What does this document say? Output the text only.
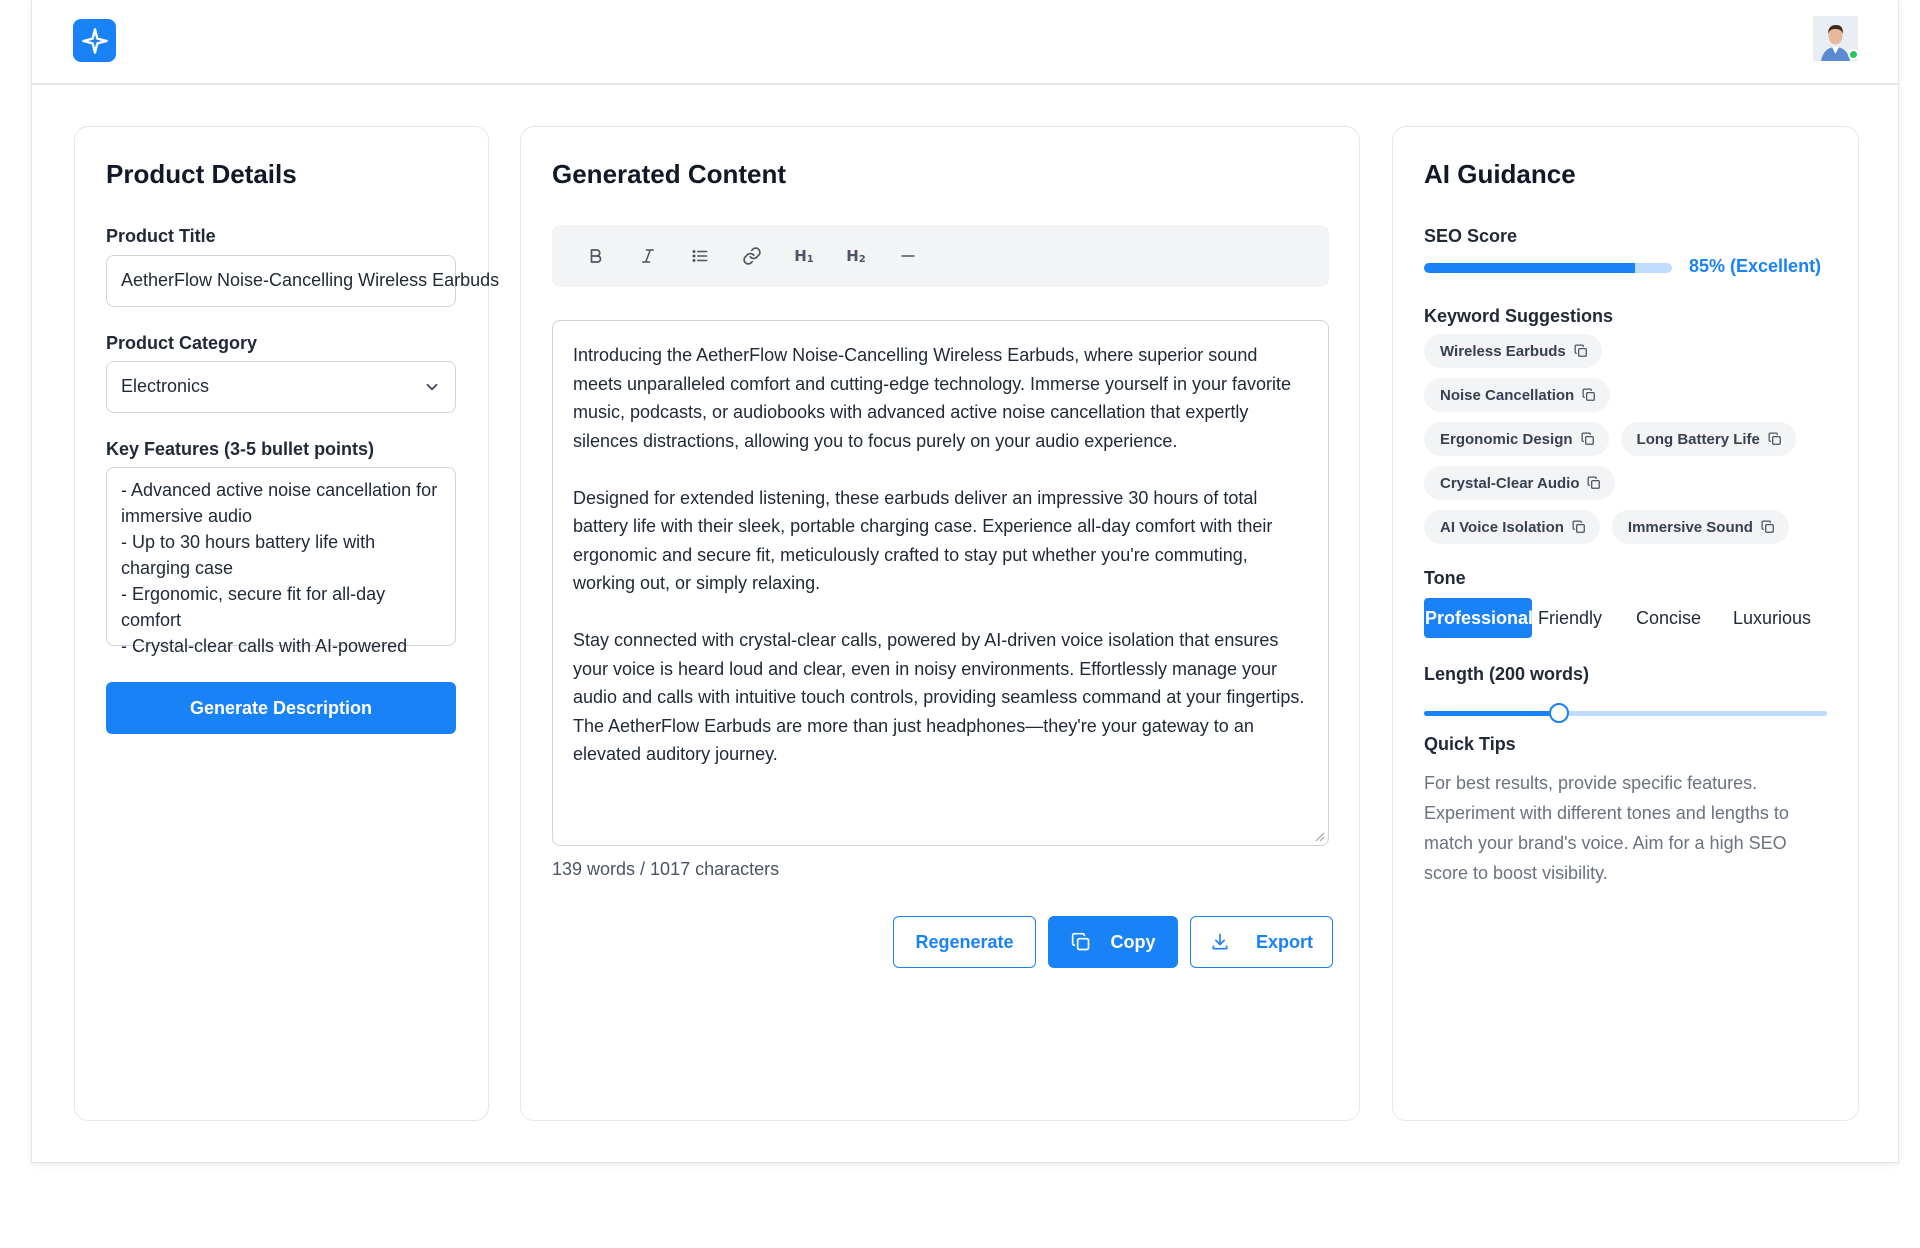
Product Details
Product Title
AetherFlow Noise-Cancelling Wireless Earbuds
Product Category
Electronics
Key Features (3-5 bullet points)
- Advanced active noise cancellation for immersive audio
- Up to 30 hours battery life with charging case
- Ergonomic, secure fit for all-day comfort
- Crystal-clear calls with AI-powered
Generate Description
Generated Content
$H_1$ $H_2$

Introducing the AetherFlow Noise-Cancelling Wireless Earbuds, where superior sound meets unparalleled comfort and cutting-edge technology. Immerse yourself in your favorite music, podcasts, or audiobooks with advanced active noise cancellation that expertly silences distractions, allowing you to focus purely on your audio experience.

Designed for extended listening, these earbuds deliver an impressive 30 hours of total battery life with their sleek, portable charging case. Experience all-day comfort with their ergonomic and secure fit, meticulously crafted to stay put whether you're commuting, working out, or simply relaxing.

Stay connected with crystal-clear calls, powered by AI-driven voice isolation that ensures your voice is heard loud and clear, even in noisy environments. Effortlessly manage your audio and calls with intuitive touch controls, providing seamless command at your fingertips. The AetherFlow Earbuds are more than just headphones—they're your gateway to an elevated auditory journey.

139 words / 1017 characters
Regenerate	Copy	Export
AI Guidance
SEO Score
85% (Excellent)
Keyword Suggestions
Wireless Earbuds
Noise Cancellation
Ergonomic Design	Long Battery Life
Crystal-Clear Audio
AI Voice Isolation	Immersive Sound
Tone
Professional Friendly	Concise	Luxurious
Length (200 words)
Quick Tips
For best results, provide specific features. Experiment with different tones and lengths to match your brand's voice. Aim for a high SEO score to boost visibility.
